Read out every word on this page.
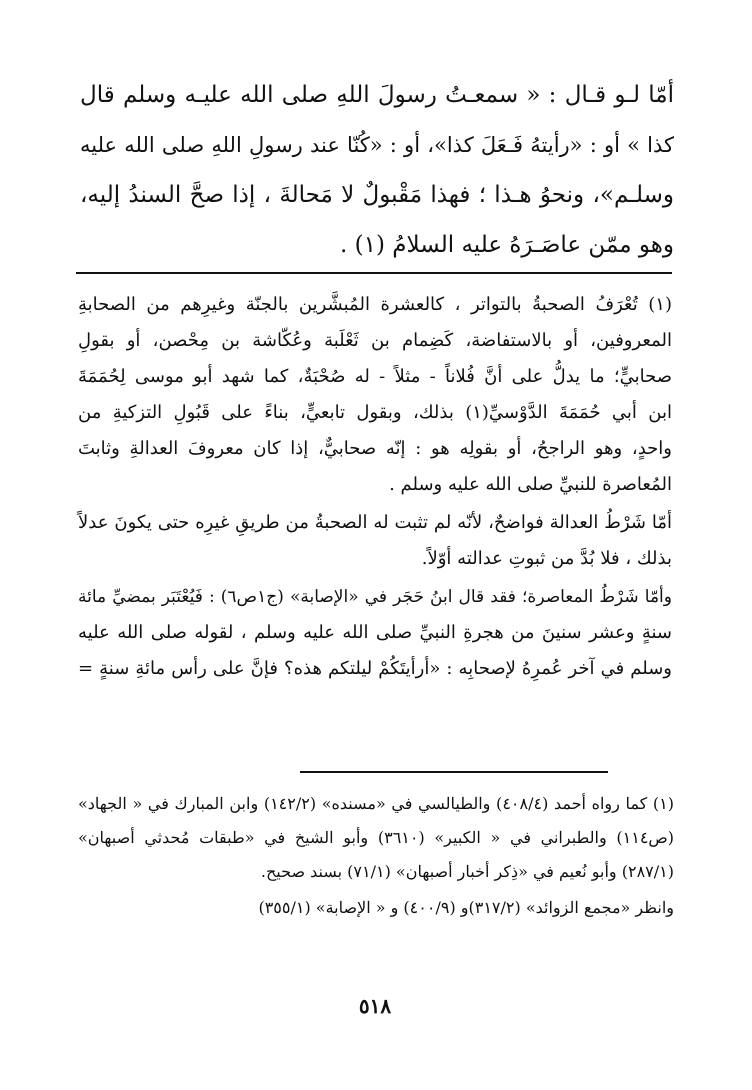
أمّا لـو قـال : « سمعـتُ رسولَ اللهِ صلى الله عليـه وسلم قال
كذا » أو : «رأيتهُ فَـعَلَ كذا»، أو : «كُنّا عند رسولِ اللهِ صلى الله عليه
وسلـم»، ونحوُ هـذا ؛ فهذا مَقْبولٌ لا مَحالةَ ، إذا صحَّ السندُ إليه،
وهو ممّن عاصَـرَهُ عليه السلامُ (١) .
(١) تُعْرَفُ الصحبةُ بالتواتر ، كالعشرة المُبشَّرين بالجنّة وغيرِهم من الصحابةِ
المعروفين، أو بالاستفاضة، كَضِمام بن ثَعْلَبة وعُكّاشة بن مِحْصن، أو بقولِ
صحابيٍّ؛ ما يدلُّ على أنَّ فُلاناً - مثلاً - له صُحْبَةٌ، كما شهد أبو موسى لِحُمَمَةَ
ابن أبي حُمَمَةَ الدَّوْسيِّ(١) بذلك، وبقول تابعيٍّ، بناءً على قَبُولِ التزكيةِ من
واحدٍ، وهو الراجحُ، أو بقولِه هو : إنّه صحابيٌّ، إذا كان معروفَ العدالةِ وثابتَ
المُعاصرة للنبيِّ صلى الله عليه وسلم .
أمّا شَرْطُ العدالة فواضحٌ، لأنّه لم تثبت له الصحبةُ من طريقِ غيرِه حتى يكونَ عدلاً
بذلك ، فلا بُدَّ من ثبوتِ عدالته أوّلاً.
وأمّا شَرْطُ المعاصرة؛ فقد قال ابنُ حَجَر في «الإصابة» (ج١ص٦) : فَيُعْتَبَر بمضيِّ مائة
سنةٍ وعشر سنينَ من هجرةِ النبيِّ صلى الله عليه وسلم ، لقوله صلى الله عليه
وسلم في آخر عُمرِهُ لإصحابِه : «أرأيتَكُمْ ليلتكم هذه؟ فإنَّ على رأس مائةِ سنةٍ =
(١) كما رواه أحمد (٤٠٨/٤) والطيالسي في «مسنده» (١٤٢/٢) وابن المبارك في « الجهاد»
(ص١١٤) والطبراني في « الكبير» (٣٦١٠) وأبو الشيخ في «طبقات مُحدثي أصبهان»
(٢٨٧/١) وأبو نُعيم في «ذِكر أخبار أصبهان» (٧١/١) بسند صحيح.
وانظر «مجمع الزوائد» (٣١٧/٢)و (٤٠٠/٩) و « الإصابة» (٣٥٥/١)
٥١٨
